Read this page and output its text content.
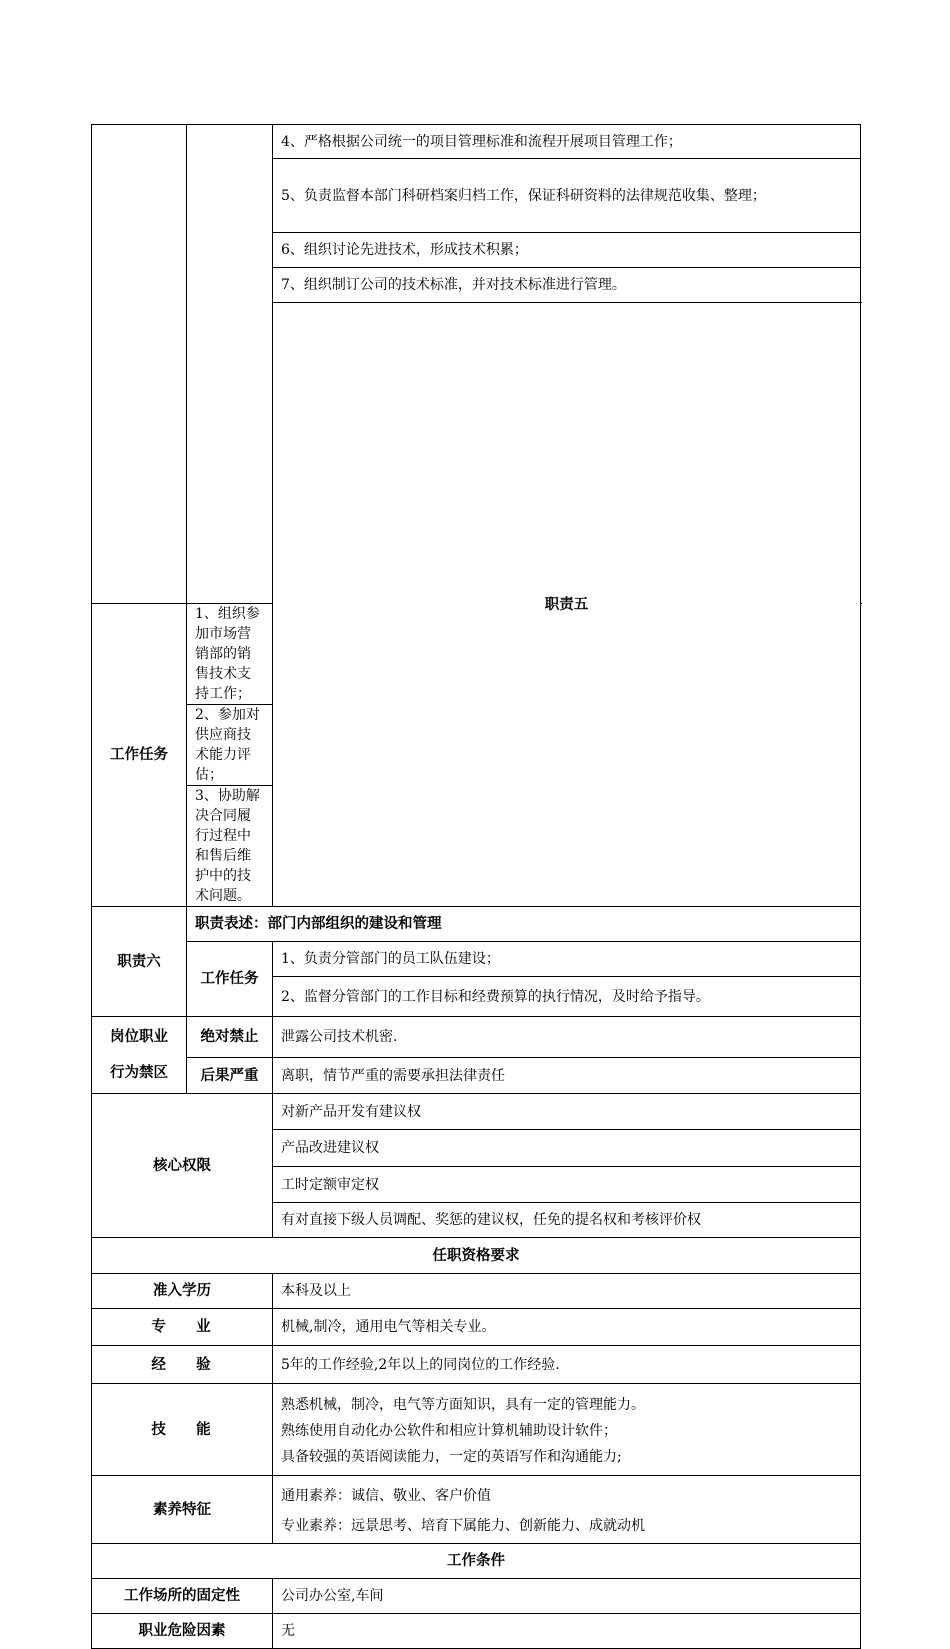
		4、严格根据公司统一的项目管理标准和流程开展项目管理工作；	
		5、负责监督本部门科研档案归档工作，保证科研资料的法律规范收集、整理；	
		6、组织讨论先进技术，形成技术积累；	
		7、组织制订公司的技术标准，并对技术标准进行管理。	
		职责五	
工作任务	1、组织参加市场营销部的销售技术支持工作；		
	2、参加对供应商技术能力评估；		
	3、协助解决合同履行过程中和售后维护中的技术问题。		
职责六	职责表述：部门内部组织的建设和管理		
	工作任务	1、负责分管部门的员工队伍建设；	
		2、监督分管部门的工作目标和经费预算的执行情况，及时给予指导。	

岗位职业
行为禁区	绝对禁止	泄露公司技术机密.	
	后果严重	离职，情节严重的需要承担法律责任	
核心权限		对新产品开发有建议权	
		产品改进建议权	
		工时定额审定权	
		有对直接下级人员调配、奖惩的建议权，任免的提名权和考核评价权	
任职资格要求			
准入学历		本科及以上	
专    业		机械,制冷，通用电气等相关专业。	
经    验		5年的工作经验,2年以上的同岗位的工作经验.	
技    能		熟悉机械，制冷，电气等方面知识，具有一定的管理能力。
熟练使用自动化办公软件和相应计算机辅助设计软件；
具备较强的英语阅读能力，一定的英语写作和沟通能力;	

素养特征		通用素养：诚信、敬业、客户价值
专业素养：远景思考、培育下属能力、创新能力、成就动机	

工作条件			
工作场所的固定性		公司办公室,车间	
职业危险因素		无	
